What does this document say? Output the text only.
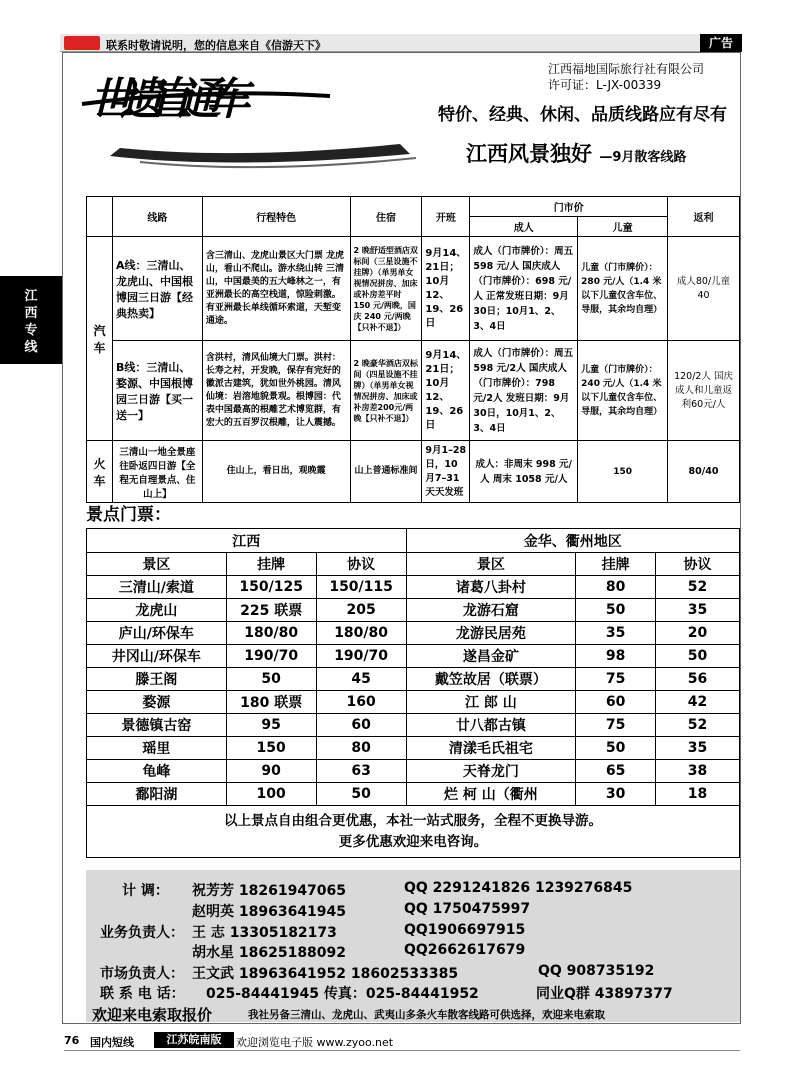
联系时敬请说明，您的信息来自《信游天下》	广告
江
西
专
线
世遗直通车
江西福地国际旅行社有限公司
许可证：L-JX-00339
特价、经典、休闲、品质线路应有尽有
江西风景独好 —9月散客线路
	线路	行程特色	住宿	开班	门市价		返利
					成人	儿童	
汽车	A线：三清山、龙虎山、中国根博园三日游【经典热卖】	含三清山、龙虎山景区大门票 龙虎山，看山不爬山。游水绕山转 三清山，中国最美的五大峰林之一，有亚洲最长的高空栈道，惊险刺激。有亚洲最长单线循环索道，天堑变通途。	2 晚舒适型酒店双标间（三星设施不挂牌）（单男单女视情况拼房、加床或补房差平时 150 元/两晚，国庆 240 元/两晚【只补不退】）	9月14、21日；10月12、19、26日	成人（门市牌价）：周五 598 元/人 国庆成人（门市牌价）：698 元/人 正常发班日期：9月30日；10月1、2、3、4日	儿童（门市牌价）：280 元/人（1.4 米以下儿童仅含车位、导服，其余均自理）	成人80/儿童40
	B线：三清山、婺源、中国根博园三日游【买一送一】	含洪村，清风仙境大门票。洪村：长寿之村，开发晚，保存有完好的徽派古建筑，犹如世外桃园。清风仙境：岩溶地貌景观。根博园：代表中国最高的根雕艺术博览群，有宏大的五百罗汉根雕，让人震撼。	2 晚豪华酒店双标间（四星设施不挂牌）（单男单女视情况拼房、加床或补房差200元/两晚【只补不退】）	9月14、21日；10月12、19、26日	成人（门市牌价）：周五 598 元/2人 国庆成人（门市牌价）：798 元/2人 发班日期：9月30日，10月1、2、3、4日	儿童（门市牌价）：240 元/人（1.4 米以下儿童仅含车位、导服，其余均自理）	120/2人 国庆成人和儿童返利60元/人
火车	三清山一地全景座往卧返四日游【全程无自理景点、住山上】	住山上，看日出，观晚霞	山上普通标准间	9月1–28日，10月7–31天天发班	成人：非周末 998 元/人 周末 1058 元/人	150	80/40
景点门票：
江西			金华、衢州地区		
景区	挂牌	协议	景区	挂牌	协议
三清山/索道	150/125	150/115	诸葛八卦村	80	52
龙虎山	225 联票	205	龙游石窟	50	35
庐山/环保车	180/80	180/80	龙游民居苑	35	20
井冈山/环保车	190/70	190/70	遂昌金矿	98	50
滕王阁	50	45	戴笠故居（联票）	75	56
婺源	180 联票	160	江 郎 山	60	42
景德镇古窑	95	60	廿八都古镇	75	52
瑶里	150	80	清漾毛氏祖宅	50	35
龟峰	90	63	天脊龙门	65	38
鄱阳湖	100	50	烂 柯 山（衢州	30	18

以上景点自由组合更优惠，本社一站式服务，全程不更换导游。
更多优惠欢迎来电咨询。					
计 调： 祝芳芳 18261947065	QQ 2291241826 1239276845
赵明英 18963641945	QQ 1750475997
业务负责人： 王 志 13305182173	QQ1906697915
胡水星 18625188092	QQ2662617679
市场负责人： 王文武 18963641952 18602533385	QQ 908735192
联 系 电 话： 025-84441945 传真：025-84441952	同业Q群 43897377
欢迎来电索取报价	我社另备三清山、龙虎山、武夷山多条火车散客线路可供选择，欢迎来电索取
76 国内短线	江苏皖南版	欢迎浏览电子版 www.zyoo.net
